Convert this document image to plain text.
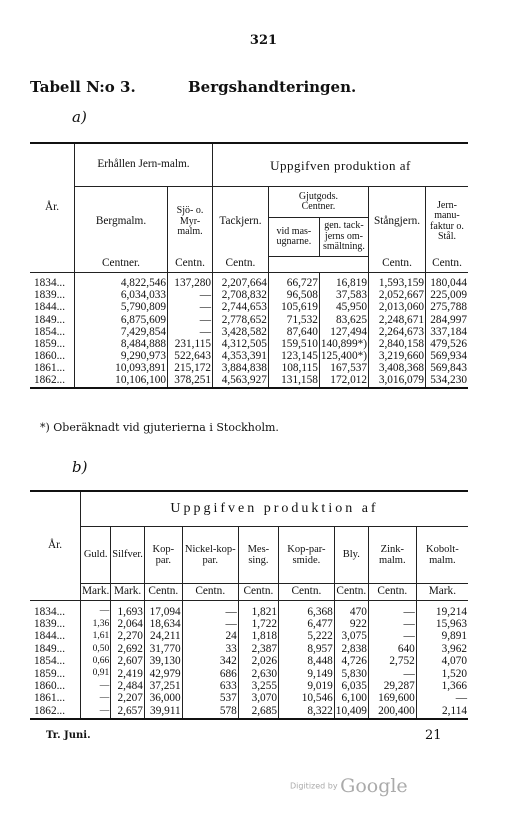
321
Tabell N:o 3.	Bergshandteringen.
a)
År.	Erhållen Jern-malm.		Uppgifven produktion af				
	Bergmalm.	Sjö- o. Myr-malm.	Tackjern.	Gjutgods. Centner.		Stångjern.	Jern-manu-faktur o. Stål.
				vid mas-ugnarne.	gen. tack-jerns om-smältning.		
	Centner.	Centn.	Centn.			Centn.	Centn.
1834...	4,822,546	137,280	2,207,664	66,727	16,819	1,593,159	180,044
1839...	6,034,033	—	2,708,832	96,508	37,583	2,052,667	225,009
1844...	5,790,809	—	2,744,653	105,619	45,950	2,013,060	275,788
1849...	6,875,609	—	2,778,652	71,532	83,625	2,248,671	284,997
1854...	7,429,854	—	3,428,582	87,640	127,494	2,264,673	337,184
1859...	8,484,888	231,115	4,312,505	159,510	140,899*)	2,840,158	479,526
1860...	9,290,973	522,643	4,353,391	123,145	125,400*)	3,219,660	569,934
1861...	10,093,891	215,172	3,884,838	108,115	167,537	3,408,368	569,843
1862...	10,106,100	378,251	4,563,927	131,158	172,012	3,016,079	534,230
*) Oberäknadt vid gjuterierna i Stockholm.
b)
År.	Uppgifven produktion af								
	Guld.	Silfver.	Kop-par.	Nickel-kop-par.	Mes-sing.	Kop-par-smide.	Bly.	Zink-malm.	Kobolt-malm.
	Mark.	Mark.	Centn.	Centn.	Centn.	Centn.	Centn.	Centn.	Mark.
1834...	—	1,693	17,094	—	1,821	6,368	470	—	19,214
1839...	1,36	2,064	18,634	—	1,722	6,477	922	—	15,963
1844...	1,61	2,270	24,211	24	1,818	5,222	3,075	—	9,891
1849...	0,50	2,692	31,770	33	2,387	8,957	2,838	640	3,962
1854...	0,66	2,607	39,130	342	2,026	8,448	4,726	2,752	4,070
1859...	0,91	2,419	42,979	686	2,630	9,149	5,830	—	1,520
1860...	—	2,484	37,251	633	3,255	9,019	6,035	29,287	1,366
1861...	—	2,207	36,000	537	3,070	10,546	6,100	169,600	—
1862...	—	2,657	39,911	578	2,685	8,322	10,409	200,400	2,114
Tr. Juni.	21
Digitized by Google
